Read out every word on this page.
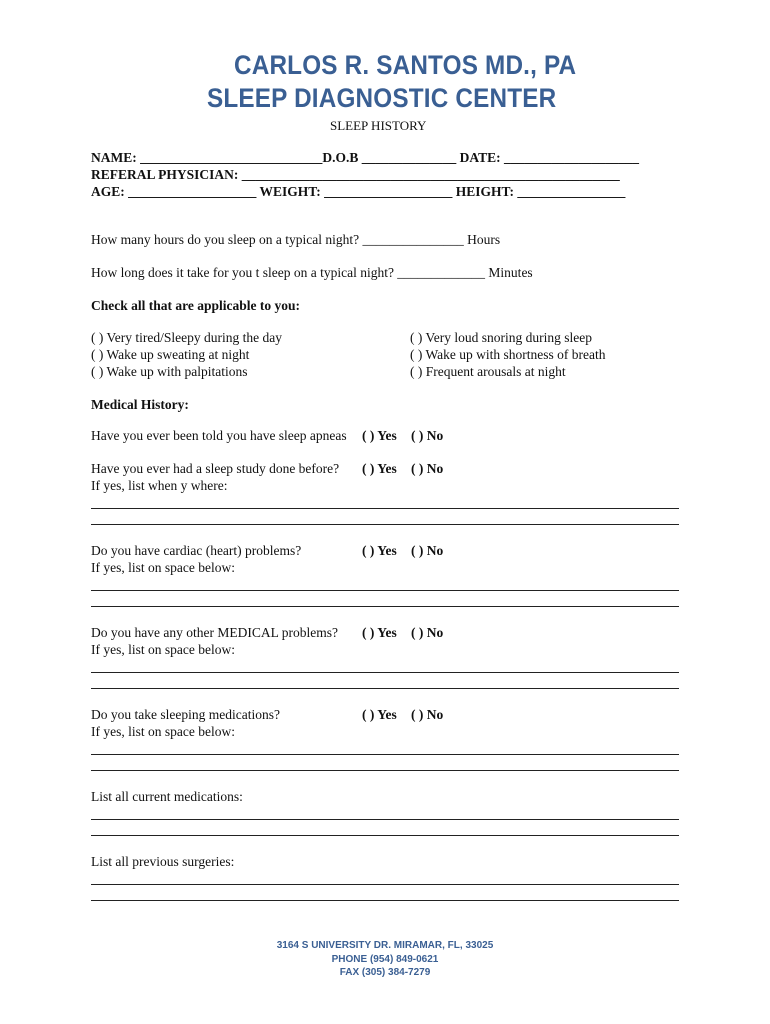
CARLOS R. SANTOS MD., PA
SLEEP DIAGNOSTIC CENTER
SLEEP HISTORY
NAME: ___________________________D.O.B ______________ DATE: ____________________
REFERAL PHYSICIAN: ________________________________________________________
AGE: ___________________ WEIGHT: ___________________ HEIGHT: ________________
How many hours do you sleep on a typical night? _______________ Hours
How long does it take for you t sleep on a typical night? _____________ Minutes
Check all that are applicable to you:
( ) Very tired/Sleepy during the day
( ) Wake up sweating at night
( ) Wake up with palpitations
( ) Very loud snoring during sleep
( ) Wake up with shortness of breath
( ) Frequent arousals at night
Medical History:
Have you ever been told you have sleep apneas ( ) Yes ( ) No
Have you ever had a sleep study done before? ( ) Yes ( ) No
If yes, list when y where:
Do you have cardiac (heart) problems?	( ) Yes ( ) No
If yes, list on space below:
Do you have any other MEDICAL problems? ( ) Yes ( ) No
If yes, list on space below:
Do you take sleeping medications?	( ) Yes ( ) No
If yes, list on space below:
List all current medications:
List all previous surgeries:
3164 S UNIVERSITY DR. MIRAMAR, FL, 33025
PHONE (954) 849-0621
FAX (305) 384-7279
